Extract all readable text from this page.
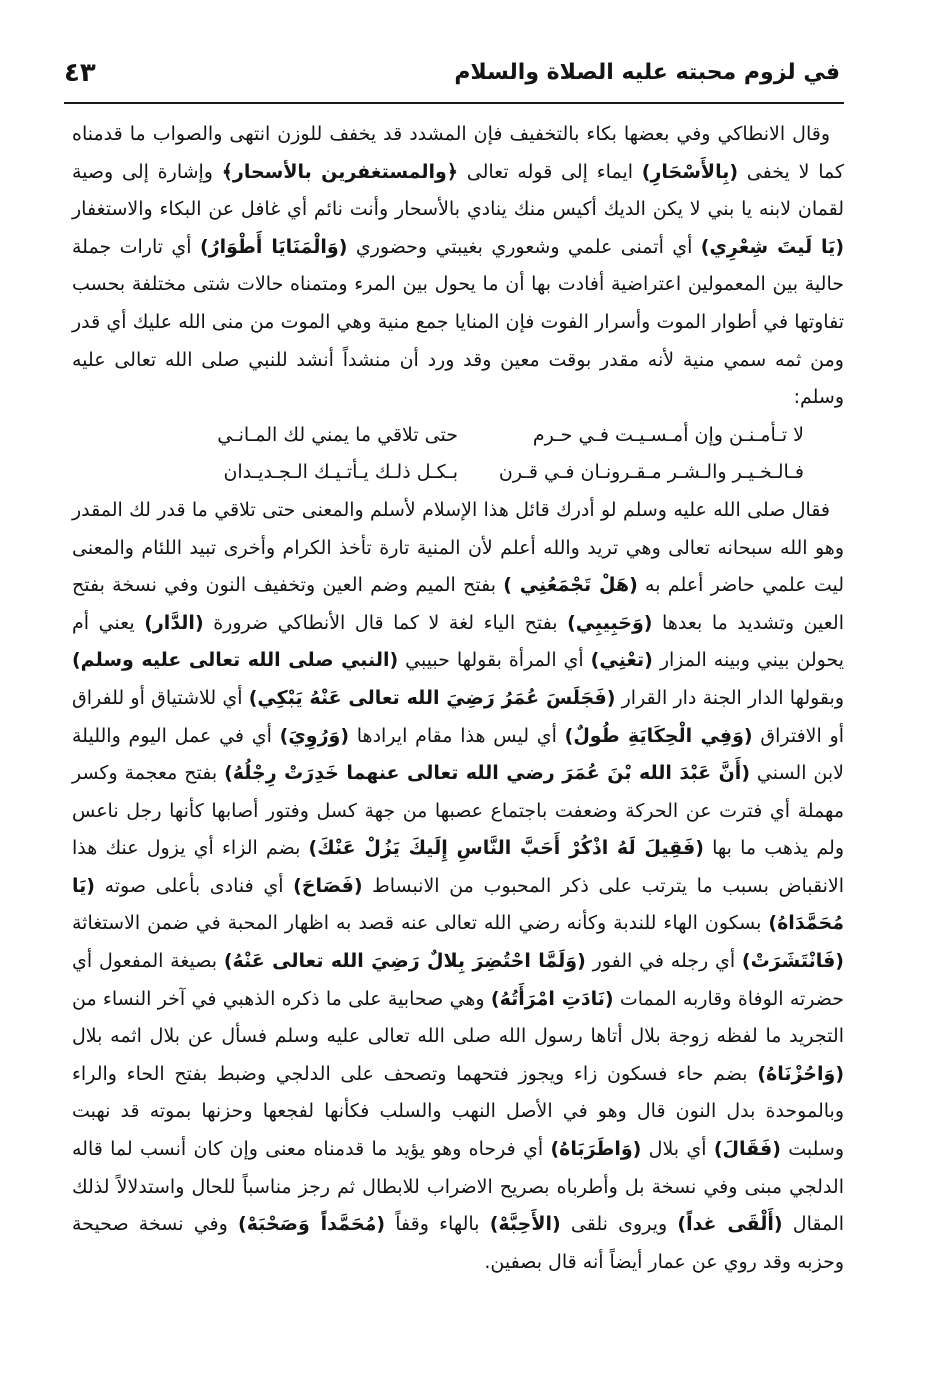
في لزوم محبته عليه الصلاة والسلام
٤٣

وقال الانطاكي وفي بعضها بكاء بالتخفيف فإن المشدد قد يخفف للوزن انتهى والصواب ما قدمناه كما لا يخفى (بِالأَسْحَارِ) ايماء إلى قوله تعالى ﴿والمستغفرين بالأسحار﴾ وإشارة إلى وصية لقمان لابنه يا بني لا يكن الديك أكيس منك ينادي بالأسحار وأنت نائم أي غافل عن البكاء والاستغفار (يَا لَيتَ شِعْرِي) أي أتمنى علمي وشعوري بغيبتي وحضوري (وَالْمَنَايَا أَطْوَارُ) أي تارات جملة حالية بين المعمولين اعتراضية أفادت بها أن ما يحول بين المرء ومتمناه حالات شتى مختلفة بحسب تفاوتها في أطوار الموت وأسرار الفوت فإن المنايا جمع منية وهي الموت من منى الله عليك أي قدر ومن ثمه سمي منية لأنه مقدر بوقت معين وقد ورد أن منشداً أنشد للنبي صلى الله تعالى عليه وسلم:

لا تـأمـنـن وإن أمـسـيـت فـي حـرم
حتى تلاقي ما يمني لك المـانـي
فـالـخـيـر والـشـر مـقـرونـان فـي قـرن
بـكـل ذلـك يـأتـيـك الـجـديـدان

فقال صلى الله عليه وسلم لو أدرك قائل هذا الإسلام لأسلم والمعنى حتى تلاقي ما قدر لك المقدر وهو الله سبحانه تعالى وهي تريد والله أعلم لأن المنية تارة تأخذ الكرام وأخرى تبيد اللئام والمعنى ليت علمي حاضر أعلم به (هَلْ تَجْمَعُنِي ) بفتح الميم وضم العين وتخفيف النون وفي نسخة بفتح العين وتشديد ما بعدها (وَحَبِيبِي) بفتح الياء لغة لا كما قال الأنطاكي ضرورة (الدَّار) يعني أم يحولن بيني وبينه المزار (تعْنِي) أي المرأة بقولها حبيبي (النبي صلى الله تعالى عليه وسلم) وبقولها الدار الجنة دار القرار (فَجَلَسَ عُمَرُ رَضِيَ الله تعالى عَنْهُ يَبْكِي) أي للاشتياق أو للفراق أو الافتراق (وَفِي الْحِكَايَةِ طُولٌ) أي ليس هذا مقام ايرادها (وَرُوِيَ) أي في عمل اليوم والليلة لابن السني (أَنَّ عَبْدَ الله بْنَ عُمَرَ رضي الله تعالى عنهما خَدِرَتْ رِجْلُهُ) بفتح معجمة وكسر مهملة أي فترت عن الحركة وضعفت باجتماع عصبها من جهة كسل وفتور أصابها كأنها رجل ناعس ولم يذهب ما بها (فَقِيلَ لَهُ اذْكُرْ أَحَبَّ النَّاسِ إِلَيكَ يَزُلْ عَنْكَ) بضم الزاء أي يزول عنك هذا الانقباض بسبب ما يترتب على ذكر المحبوب من الانبساط (فَصَاحَ) أي فنادى بأعلى صوته (يَا مُحَمَّدَاهُ) بسكون الهاء للندبة وكأنه رضي الله تعالى عنه قصد به اظهار المحبة في ضمن الاستغاثة (فَانْتَشَرَتْ) أي رجله في الفور (وَلَمَّا احْتُضِرَ بِلالٌ رَضِيَ الله تعالى عَنْهُ) بصيغة المفعول أي حضرته الوفاة وقاربه الممات (نَادَتِ امْرَأَتُهُ) وهي صحابية على ما ذكره الذهبي في آخر النساء من التجريد ما لفظه زوجة بلال أتاها رسول الله صلى الله تعالى عليه وسلم فسأل عن بلال اثمه بلال (وَاحُزْنَاهُ) بضم حاء فسكون زاء ويجوز فتحهما وتصحف على الدلجي وضبط بفتح الحاء والراء وبالموحدة بدل النون قال وهو في الأصل النهب والسلب فكأنها لفجعها وحزنها بموته قد نهبت وسلبت (فَقَالَ) أي بلال (وَاطَرَبَاهُ) أي فرحاه وهو يؤيد ما قدمناه معنى وإن كان أنسب لما قاله الدلجي مبنى وفي نسخة بل وأطرباه بصريح الاضراب للابطال ثم رجز مناسباً للحال واستدلالاً لذلك المقال (أَلْقَى غداً) ويروى نلقى (الأَحِبَّهْ) بالهاء وقفاً (مُحَمَّداً وَصَحْبَهْ) وفي نسخة صحيحة وحزبه وقد روي عن عمار أيضاً أنه قال بصفين.
